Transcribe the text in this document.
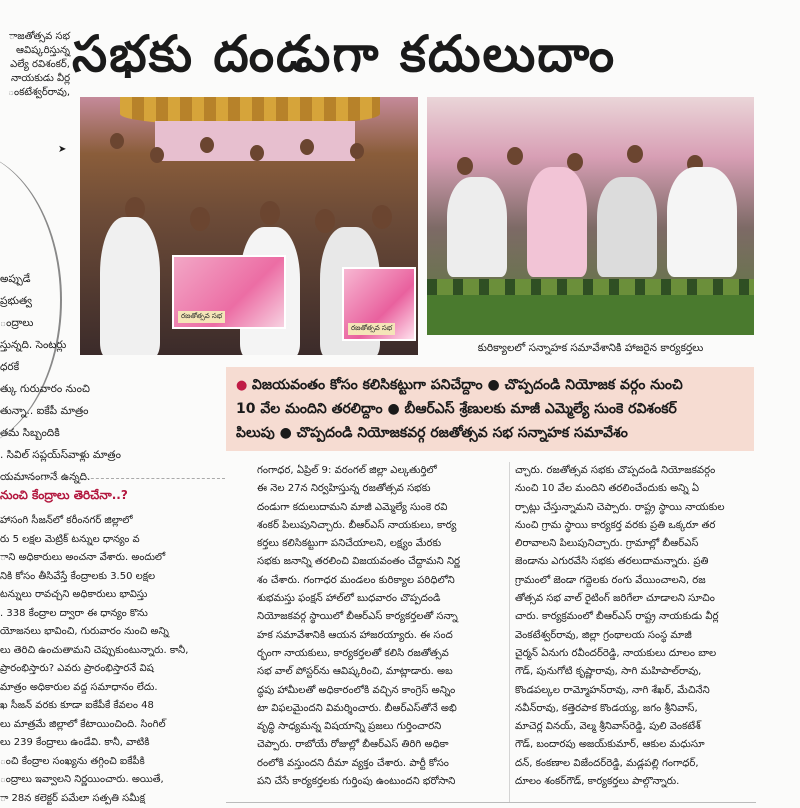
ాజతోత్సవ సభ
ఆవిష్కరిస్తున్న
ఎల్యే రవిశంకర్,
నాయకుడు వీర్ల
ంకటేశ్వర్‌రావు,
➤
అప్పుడే
ప్రభుత్వ
ంద్రాలు
స్తున్నది. సెంటర్లు
ధరకే
త్కు గురువారం నుంచి
తున్నా.. ఐకేపీ మాత్రం
తమ సిబ్బందికి
. సివిల్‌ సప్లయ్‌స్‌వాళ్లు మాత్రం
యమానంగానే ఉన్నది.
నుంచి కేంద్రాలు తెరిచేనా..?
హాసంగి సీజన్‌లో కరీంనగర్‌ జిల్లాలో
రు 5 లక్షల మెట్రిక్‌ టన్నుల ధాన్యం వ
ాని అధికారులు అంచనా వేశారు. అందులో
నికి కోసం తీసివేస్తే కేంద్రాలకు 3.50 లక్షల
టన్నులు రావచ్చని అధికారులు భావిస్తు
. 338 కేంద్రాల ద్వారా ఈ ధాన్యం కొను
యోజనలు భావించి, గురువారం నుంచి అన్ని
లు తెరిచి ఉంచుతామని చెప్పుకుంటున్నారు. కానీ,
ప్రారంభిస్తారు? ఎవరు ప్రారంభిస్తారనే విష
మాత్రం అధికారుల వద్ద సమాధానం లేదు.
ఖ సీజన్‌ వరకు కూడా ఐకేపీకే కేవలం 48
లు మాత్రమే జిల్లాలో కేటాయించింది. సింగిల్‌
లు 239 కేంద్రాలు ఉండేవి. కానీ, వాటికి
ంచి కేంద్రాల సంఖ్యను తగ్గించి ఐకేపీకి
ంద్రాలు ఇవ్వాలని నిర్ణయించారు. అయితే,
ా 28న కలెక్టర్‌ పమేలా సత్పతి సమీక్ష
సభకు దండుగా కదులుదాం
రజతోత్సవ సభ
రజతోత్సవ సభ
కురిక్యాలలో సన్నాహక సమావేశానికి హాజరైన కార్యకర్తలు
● విజయవంతం కోసం కలిసికట్టుగా పనిచేద్దాం ● చొప్పదండి నియోజక వర్గం నుంచి
10 వేల మందిని తరలిద్దాం ● బీఆర్‌ఎస్‌ శ్రేణులకు మాజీ ఎమ్మెల్యే సుంకె రవిశంకర్‌
పిలుపు ● చొప్పదండి నియోజకవర్గ రజతోత్సవ సభ సన్నాహక సమావేశం
గంగాధర, ఏప్రిల్‌ 9: వరంగల్‌ జిల్లా ఎల్కతుర్తిలో
ఈ నెల 27న నిర్వహిస్తున్న రజతోత్సవ సభకు
దండుగా కదులుదామని మాజీ ఎమ్మెల్యే సుంకె రవి
శంకర్‌ పిలుపునిచ్చారు. బీఆర్‌ఎస్‌ నాయకులు, కార్య
కర్తలు కలిసికట్టుగా పనిచేయాలని, లక్ష్యం మేరకు
సభకు జనాన్ని తరలించి విజయవంతం చేద్దామని నిర్ణ
శం చేశారు. గంగాధర మండలం కురిక్యాల పరిధిలోని
శుభమస్తు ఫంక్షన్‌ హాల్‌లో బుధవారం చొప్పదండి
నియోజకవర్గ స్థాయిలో బీఆర్‌ఎస్‌ కార్యకర్తలతో సన్నా
హక సమావేశానికి ఆయన హాజరయ్యారు. ఈ సంద
ర్భంగా నాయకులు, కార్యకర్తలతో కలిసి రజతోత్సవ
సభ వాల్‌ పోస్టర్‌ను ఆవిష్కరించి, మాట్లాడారు. అబ
ద్ధపు హామీలతో అధికారంలోకి వచ్చిన కాంగ్రెస్‌ అన్నిం
టా విఫలమైందని విమర్శించారు. బీఆర్‌ఎస్‌తోనే అభి
వృద్ధి సాధ్యమన్న విషయాన్ని ప్రజలు గుర్తించారని
చెప్పారు. రాబోయే రోజుల్లో బీఆర్‌ఎస్‌ తిరిగి అధికా
రంలోకి వస్తుందని దీమా వ్యక్తం చేశారు. పార్టీ కోసం
పని చేసే కార్యకర్తలకు గుర్తింపు ఉంటుందని భరోసాని
చ్చారు. రజతోత్సవ సభకు చొప్పదండి నియోజకవర్గం
నుంచి 10 వేల మందిని తరలించేందుకు అన్ని ఏ
ర్పాట్లు చేస్తున్నామని చెప్పారు. రాష్ట్ర స్థాయి నాయకుల
నుంచి గ్రామ స్థాయి కార్యకర్త వరకు ప్రతి ఒక్కరూ తర
లిరావాలని పిలుపునిచ్చారు. గ్రామాల్లో బీఆర్‌ఎస్‌
జెండాను ఎగురవేసి సభకు తరలుదామన్నారు. ప్రతి
గ్రామంలో జెండా గద్దెలకు రంగు వేయించాలని, రజ
తోత్సవ సభ వాల్‌ రైటింగ్‌ జరిగేలా చూడాలని సూచిం
చారు. కార్యక్రమంలో బీఆర్‌ఎస్‌ రాష్ట్ర నాయకుడు వీర్ల
వెంకటేశ్వర్‌రావు, జిల్లా గ్రంథాలయ సంస్థ మాజీ
చైర్మన్‌ ఏనుగు రవీందర్‌రెడ్డి, నాయకులు దూలం బాల
గౌడ్‌, పునుగోటి కృష్ణారావు, సాగి మహిపాల్‌రావు,
కొండపల్కల రామ్మోహన్‌రావు, నాగి శేఖర్‌, మేచినేని
నవీన్‌రావు, కత్తెరపాక కొండయ్య, జగం శ్రీనివాస్‌,
మాచెర్ల వినయ్‌, వెల్మ శ్రీనివాస్‌రెడ్డి, పులి వెంకటేశ్‌
గౌడ్‌, బందారపు అజయ్‌కుమార్‌, ఆకుల మధుసూ
దన్‌, కంకణాల విజేందర్‌రెడ్డి, మడ్లపల్లి గంగాధర్‌,
దూలం శంకర్‌గౌడ్‌, కార్యకర్తలు పాల్గొన్నారు.
